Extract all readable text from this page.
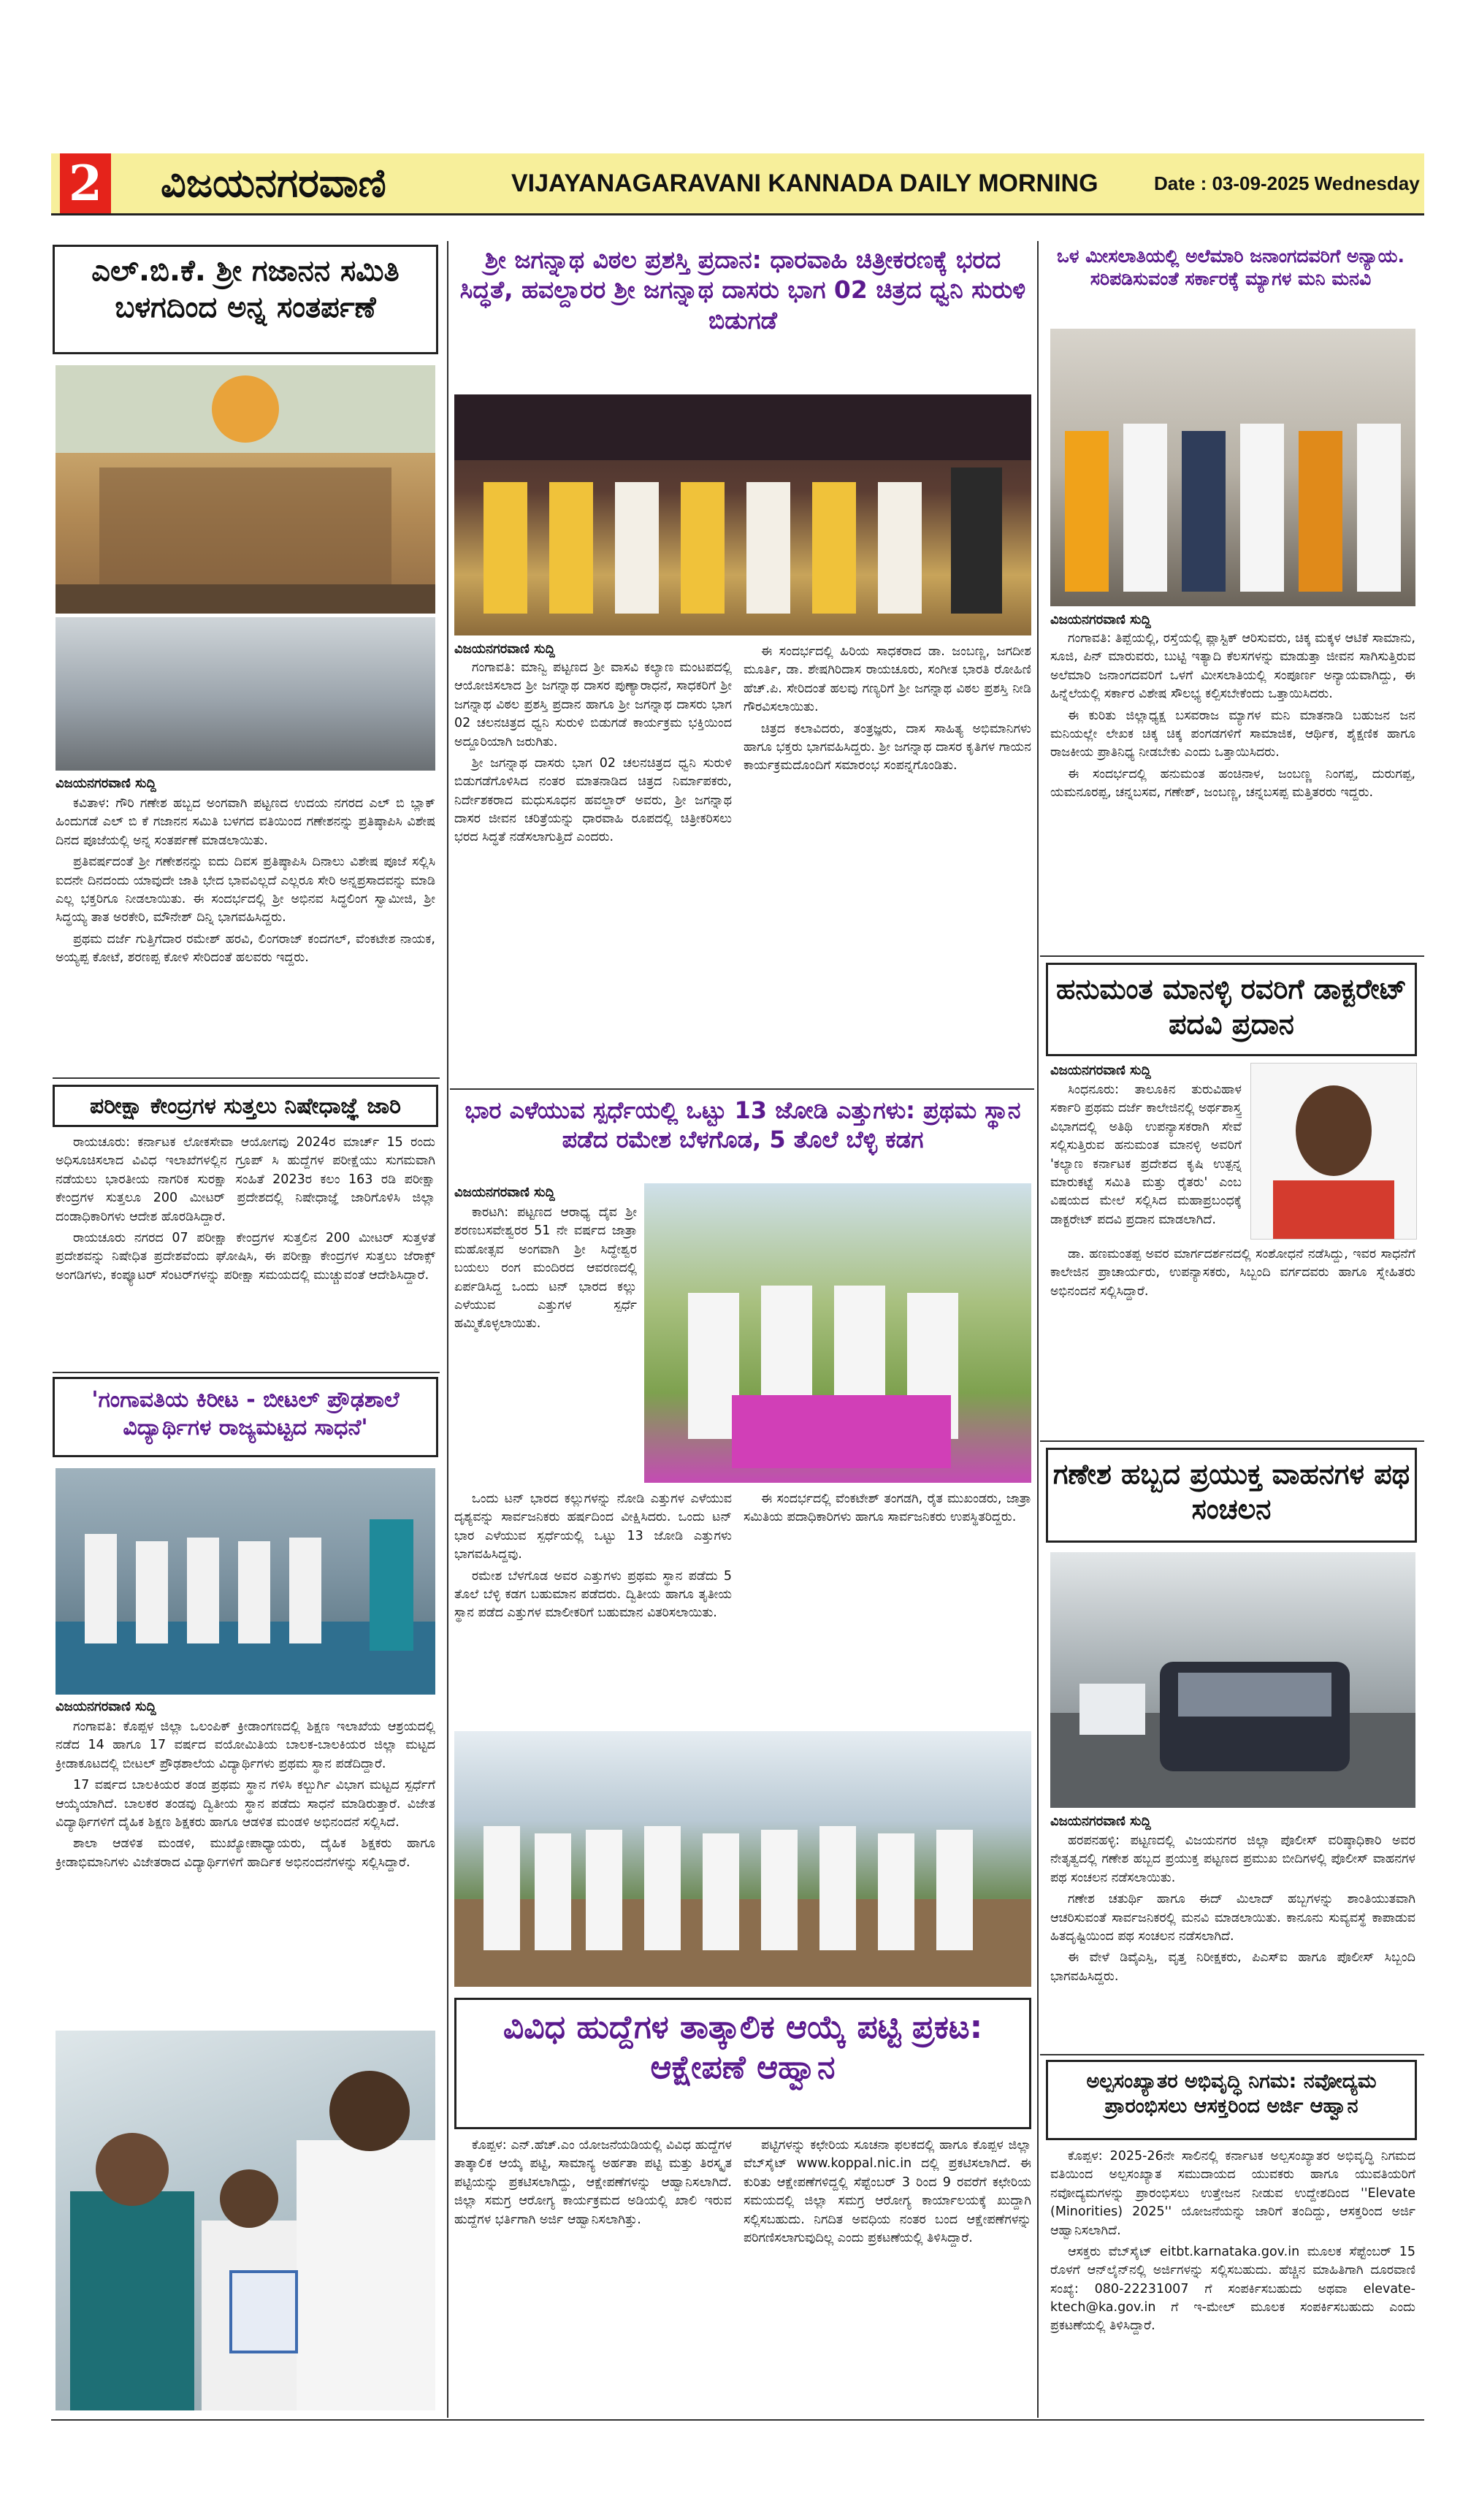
2 ವಿಜಯನಗರವಾಣಿ	VIJAYANAGARAVANI KANNADA DAILY MORNING	Date : 03-09-2025 Wednesday
ಎಲ್.ಬಿ.ಕೆ. ಶ್ರೀ ಗಜಾನನ ಸಮಿತಿ ಬಳಗದಿಂದ ಅನ್ನ ಸಂತರ್ಪಣೆ
ವಿಜಯನಗರವಾಣಿ ಸುದ್ದಿ

ಕವಿತಾಳ: ಗೌರಿ ಗಣೇಶ ಹಬ್ಬದ ಅಂಗವಾಗಿ ಪಟ್ಟಣದ ಉದಯ ನಗರದ ಎಲ್ ಬಿ ಬ್ಲಾಕ್ ಹಿಂದುಗಡೆ ಎಲ್ ಬಿ ಕೆ ಗಜಾನನ ಸಮಿತಿ ಬಳಗದ ವತಿಯಿಂದ ಗಣೇಶನನ್ನು ಪ್ರತಿಷ್ಠಾಪಿಸಿ ವಿಶೇಷ ದಿನದ ಪೂಜೆಯಲ್ಲಿ ಅನ್ನ ಸಂತರ್ಪಣೆ ಮಾಡಲಾಯಿತು.

ಪ್ರತಿವರ್ಷದಂತೆ ಶ್ರೀ ಗಣೇಶನನ್ನು ಐದು ದಿವಸ ಪ್ರತಿಷ್ಠಾಪಿಸಿ ದಿನಾಲು ವಿಶೇಷ ಪೂಜೆ ಸಲ್ಲಿಸಿ ಐದನೇ ದಿನದಂದು ಯಾವುದೇ ಜಾತಿ ಭೇದ ಭಾವವಿಲ್ಲದೆ ಎಲ್ಲರೂ ಸೇರಿ ಅನ್ನಪ್ರಸಾದವನ್ನು ಮಾಡಿ ಎಲ್ಲ ಭಕ್ತರಿಗೂ ನೀಡಲಾಯಿತು. ಈ ಸಂದರ್ಭದಲ್ಲಿ ಶ್ರೀ ಅಭಿನವ ಸಿದ್ಧಲಿಂಗ ಸ್ವಾಮೀಜಿ, ಶ್ರೀ ಸಿದ್ಧಯ್ಯ ತಾತ ಅರಕೇರಿ, ಮೌನೇಶ್ ದಿನ್ನಿ ಭಾಗವಹಿಸಿದ್ದರು.

ಪ್ರಥಮ ದರ್ಜೆ ಗುತ್ತಿಗೆದಾರ ರಮೇಶ್ ಹರವಿ, ಲಿಂಗರಾಜ್ ಕಂದಗಲ್, ವೆಂಕಟೇಶ ನಾಯಕ, ಅಯ್ಯಪ್ಪ ಕೋಟೆ, ಶರಣಪ್ಪ ಕೋಳಿ ಸೇರಿದಂತೆ ಹಲವರು ಇದ್ದರು.

ಪರೀಕ್ಷಾ ಕೇಂದ್ರಗಳ ಸುತ್ತಲು ನಿಷೇಧಾಜ್ಞೆ ಜಾರಿ

ರಾಯಚೂರು: ಕರ್ನಾಟಕ ಲೋಕಸೇವಾ ಆಯೋಗವು 2024ರ ಮಾರ್ಚ್ 15 ರಂದು ಅಧಿಸೂಚಿಸಲಾದ ವಿವಿಧ ಇಲಾಖೆಗಳಲ್ಲಿನ ಗ್ರೂಪ್ ಸಿ ಹುದ್ದೆಗಳ ಪರೀಕ್ಷೆಯು ಸುಗಮವಾಗಿ ನಡೆಯಲು ಭಾರತೀಯ ನಾಗರಿಕ ಸುರಕ್ಷಾ ಸಂಹಿತೆ 2023ರ ಕಲಂ 163 ರಡಿ ಪರೀಕ್ಷಾ ಕೇಂದ್ರಗಳ ಸುತ್ತಲೂ 200 ಮೀಟರ್ ಪ್ರದೇಶದಲ್ಲಿ ನಿಷೇಧಾಜ್ಞೆ ಜಾರಿಗೊಳಿಸಿ ಜಿಲ್ಲಾ ದಂಡಾಧಿಕಾರಿಗಳು ಆದೇಶ ಹೊರಡಿಸಿದ್ದಾರೆ.

ರಾಯಚೂರು ನಗರದ 07 ಪರೀಕ್ಷಾ ಕೇಂದ್ರಗಳ ಸುತ್ತಲಿನ 200 ಮೀಟರ್ ಸುತ್ತಳತೆ ಪ್ರದೇಶವನ್ನು ನಿಷೇಧಿತ ಪ್ರದೇಶವೆಂದು ಘೋಷಿಸಿ, ಈ ಪರೀಕ್ಷಾ ಕೇಂದ್ರಗಳ ಸುತ್ತಲು ಜೆರಾಕ್ಸ್ ಅಂಗಡಿಗಳು, ಕಂಪ್ಯೂಟರ್ ಸೆಂಟರ್‌ಗಳನ್ನು ಪರೀಕ್ಷಾ ಸಮಯದಲ್ಲಿ ಮುಚ್ಚುವಂತೆ ಆದೇಶಿಸಿದ್ದಾರೆ.

'ಗಂಗಾವತಿಯ ಕಿರೀಟ - ಬೀಟಲ್ ಪ್ರೌಢಶಾಲೆ ವಿದ್ಯಾರ್ಥಿಗಳ ರಾಜ್ಯಮಟ್ಟದ ಸಾಧನೆ'
ವಿಜಯನಗರವಾಣಿ ಸುದ್ದಿ

ಗಂಗಾವತಿ: ಕೊಪ್ಪಳ ಜಿಲ್ಲಾ ಒಲಂಪಿಕ್ ಕ್ರೀಡಾಂಗಣದಲ್ಲಿ ಶಿಕ್ಷಣ ಇಲಾಖೆಯ ಆಶ್ರಯದಲ್ಲಿ ನಡೆದ 14 ಹಾಗೂ 17 ವರ್ಷದ ವಯೋಮಿತಿಯ ಬಾಲಕ-ಬಾಲಕಿಯರ ಜಿಲ್ಲಾ ಮಟ್ಟದ ಕ್ರೀಡಾಕೂಟದಲ್ಲಿ ಬೀಟಲ್ ಪ್ರೌಢಶಾಲೆಯ ವಿದ್ಯಾರ್ಥಿಗಳು ಪ್ರಥಮ ಸ್ಥಾನ ಪಡೆದಿದ್ದಾರೆ.

17 ವರ್ಷದ ಬಾಲಕಿಯರ ತಂಡ ಪ್ರಥಮ ಸ್ಥಾನ ಗಳಿಸಿ ಕಲ್ಬುರ್ಗಿ ವಿಭಾಗ ಮಟ್ಟದ ಸ್ಪರ್ಧೆಗೆ ಆಯ್ಕೆಯಾಗಿದೆ. ಬಾಲಕರ ತಂಡವು ದ್ವಿತೀಯ ಸ್ಥಾನ ಪಡೆದು ಸಾಧನೆ ಮಾಡಿರುತ್ತಾರೆ. ವಿಜೇತ ವಿದ್ಯಾರ್ಥಿಗಳಿಗೆ ದೈಹಿಕ ಶಿಕ್ಷಣ ಶಿಕ್ಷಕರು ಹಾಗೂ ಆಡಳಿತ ಮಂಡಳಿ ಅಭಿನಂದನೆ ಸಲ್ಲಿಸಿದೆ.

ಶಾಲಾ ಆಡಳಿತ ಮಂಡಳಿ, ಮುಖ್ಯೋಪಾಧ್ಯಾಯರು, ದೈಹಿಕ ಶಿಕ್ಷಕರು ಹಾಗೂ ಕ್ರೀಡಾಭಿಮಾನಿಗಳು ವಿಜೇತರಾದ ವಿದ್ಯಾರ್ಥಿಗಳಿಗೆ ಹಾರ್ದಿಕ ಅಭಿನಂದನೆಗಳನ್ನು ಸಲ್ಲಿಸಿದ್ದಾರೆ.

ಶ್ರೀ ಜಗನ್ನಾಥ ವಿಠಲ ಪ್ರಶಸ್ತಿ ಪ್ರದಾನ: ಧಾರವಾಹಿ ಚಿತ್ರೀಕರಣಕ್ಕೆ ಭರದ ಸಿದ್ಧತೆ, ಹವಲ್ದಾರರ ಶ್ರೀ ಜಗನ್ನಾಥ ದಾಸರು ಭಾಗ 02 ಚಿತ್ರದ ಧ್ವನಿ ಸುರುಳಿ ಬಿಡುಗಡೆ
ವಿಜಯನಗರವಾಣಿ ಸುದ್ದಿ

ಗಂಗಾವತಿ: ಮಾನ್ವಿ ಪಟ್ಟಣದ ಶ್ರೀ ವಾಸವಿ ಕಲ್ಯಾಣ ಮಂಟಪದಲ್ಲಿ ಆಯೋಜಿಸಲಾದ ಶ್ರೀ ಜಗನ್ನಾಥ ದಾಸರ ಪುಣ್ಯಾರಾಧನೆ, ಸಾಧಕರಿಗೆ ಶ್ರೀ ಜಗನ್ನಾಥ ವಿಠಲ ಪ್ರಶಸ್ತಿ ಪ್ರದಾನ ಹಾಗೂ ಶ್ರೀ ಜಗನ್ನಾಥ ದಾಸರು ಭಾಗ 02 ಚಲನಚಿತ್ರದ ಧ್ವನಿ ಸುರುಳಿ ಬಿಡುಗಡೆ ಕಾರ್ಯಕ್ರಮ ಭಕ್ತಿಯಿಂದ ಅದ್ದೂರಿಯಾಗಿ ಜರುಗಿತು.

ಶ್ರೀ ಜಗನ್ನಾಥ ದಾಸರು ಭಾಗ 02 ಚಲನಚಿತ್ರದ ಧ್ವನಿ ಸುರುಳಿ ಬಿಡುಗಡೆಗೊಳಿಸಿದ ನಂತರ ಮಾತನಾಡಿದ ಚಿತ್ರದ ನಿರ್ಮಾಪಕರು, ನಿರ್ದೇಶಕರಾದ ಮಧುಸೂಧನ ಹವಲ್ದಾರ್ ಅವರು, ಶ್ರೀ ಜಗನ್ನಾಥ ದಾಸರ ಜೀವನ ಚರಿತ್ರೆಯನ್ನು ಧಾರವಾಹಿ ರೂಪದಲ್ಲಿ ಚಿತ್ರೀಕರಿಸಲು ಭರದ ಸಿದ್ಧತೆ ನಡೆಸಲಾಗುತ್ತಿದೆ ಎಂದರು.

ಈ ಸಂದರ್ಭದಲ್ಲಿ ಹಿರಿಯ ಸಾಧಕರಾದ ಡಾ. ಜಂಬಣ್ಣ, ಜಗದೀಶ ಮೂರ್ತಿ, ಡಾ. ಶೇಷಗಿರಿದಾಸ ರಾಯಚೂರು, ಸಂಗೀತ ಭಾರತಿ ರೋಹಿಣಿ ಹೆಚ್.ಪಿ. ಸೇರಿದಂತೆ ಹಲವು ಗಣ್ಯರಿಗೆ ಶ್ರೀ ಜಗನ್ನಾಥ ವಿಠಲ ಪ್ರಶಸ್ತಿ ನೀಡಿ ಗೌರವಿಸಲಾಯಿತು.

ಚಿತ್ರದ ಕಲಾವಿದರು, ತಂತ್ರಜ್ಞರು, ದಾಸ ಸಾಹಿತ್ಯ ಅಭಿಮಾನಿಗಳು ಹಾಗೂ ಭಕ್ತರು ಭಾಗವಹಿಸಿದ್ದರು. ಶ್ರೀ ಜಗನ್ನಾಥ ದಾಸರ ಕೃತಿಗಳ ಗಾಯನ ಕಾರ್ಯಕ್ರಮದೊಂದಿಗೆ ಸಮಾರಂಭ ಸಂಪನ್ನಗೊಂಡಿತು.

ಭಾರ ಎಳೆಯುವ ಸ್ಪರ್ಧೆಯಲ್ಲಿ ಒಟ್ಟು 13 ಜೋಡಿ ಎತ್ತುಗಳು: ಪ್ರಥಮ ಸ್ಥಾನ ಪಡೆದ ರಮೇಶ ಬೆಳಗೊಡ, 5 ತೊಲೆ ಬೆಳ್ಳಿ ಕಡಗ
ವಿಜಯನಗರವಾಣಿ ಸುದ್ದಿ

ಕಾರಟಗಿ: ಪಟ್ಟಣದ ಆರಾಧ್ಯ ದೈವ ಶ್ರೀ ಶರಣಬಸವೇಶ್ವರರ 51 ನೇ ವರ್ಷದ ಜಾತ್ರಾ ಮಹೋತ್ಸವ ಅಂಗವಾಗಿ ಶ್ರೀ ಸಿದ್ಧೇಶ್ವರ ಬಯಲು ರಂಗ ಮಂದಿರದ ಆವರಣದಲ್ಲಿ ಏರ್ಪಡಿಸಿದ್ದ ಒಂದು ಟನ್ ಭಾರದ ಕಲ್ಲು ಎಳೆಯುವ ಎತ್ತುಗಳ ಸ್ಪರ್ಧೆ ಹಮ್ಮಿಕೊಳ್ಳಲಾಯಿತು.

ಒಂದು ಟನ್ ಭಾರದ ಕಲ್ಲುಗಳನ್ನು ನೋಡಿ ಎತ್ತುಗಳ ಎಳೆಯುವ ದೃಶ್ಯವನ್ನು ಸಾರ್ವಜನಿಕರು ಹರ್ಷದಿಂದ ವೀಕ್ಷಿಸಿದರು. ಒಂದು ಟನ್ ಭಾರ ಎಳೆಯುವ ಸ್ಪರ್ಧೆಯಲ್ಲಿ ಒಟ್ಟು 13 ಜೋಡಿ ಎತ್ತುಗಳು ಭಾಗವಹಿಸಿದ್ದವು.

ರಮೇಶ ಬೆಳಗೊಡ ಅವರ ಎತ್ತುಗಳು ಪ್ರಥಮ ಸ್ಥಾನ ಪಡೆದು 5 ತೊಲೆ ಬೆಳ್ಳಿ ಕಡಗ ಬಹುಮಾನ ಪಡೆದರು. ದ್ವಿತೀಯ ಹಾಗೂ ತೃತೀಯ ಸ್ಥಾನ ಪಡೆದ ಎತ್ತುಗಳ ಮಾಲೀಕರಿಗೆ ಬಹುಮಾನ ವಿತರಿಸಲಾಯಿತು.

ಈ ಸಂದರ್ಭದಲ್ಲಿ ವೆಂಕಟೇಶ್ ತಂಗಡಗಿ, ರೈತ ಮುಖಂಡರು, ಜಾತ್ರಾ ಸಮಿತಿಯ ಪದಾಧಿಕಾರಿಗಳು ಹಾಗೂ ಸಾರ್ವಜನಿಕರು ಉಪಸ್ಥಿತರಿದ್ದರು.

ವಿವಿಧ ಹುದ್ದೆಗಳ ತಾತ್ಕಾಲಿಕ ಆಯ್ಕೆ ಪಟ್ಟಿ ಪ್ರಕಟ: ಆಕ್ಷೇಪಣೆ ಆಹ್ವಾನ

ಕೊಪ್ಪಳ: ಎನ್.ಹೆಚ್.ಎಂ ಯೋಜನೆಯಡಿಯಲ್ಲಿ ವಿವಿಧ ಹುದ್ದೆಗಳ ತಾತ್ಕಾಲಿಕ ಆಯ್ಕೆ ಪಟ್ಟಿ, ಸಾಮಾನ್ಯ ಅರ್ಹತಾ ಪಟ್ಟಿ ಮತ್ತು ತಿರಸ್ಕೃತ ಪಟ್ಟಿಯನ್ನು ಪ್ರಕಟಿಸಲಾಗಿದ್ದು, ಆಕ್ಷೇಪಣೆಗಳನ್ನು ಆಹ್ವಾನಿಸಲಾಗಿದೆ. ಜಿಲ್ಲಾ ಸಮಗ್ರ ಆರೋಗ್ಯ ಕಾರ್ಯಕ್ರಮದ ಅಡಿಯಲ್ಲಿ ಖಾಲಿ ಇರುವ ಹುದ್ದೆಗಳ ಭರ್ತಿಗಾಗಿ ಅರ್ಜಿ ಆಹ್ವಾನಿಸಲಾಗಿತ್ತು.

ಪಟ್ಟಿಗಳನ್ನು ಕಛೇರಿಯ ಸೂಚನಾ ಫಲಕದಲ್ಲಿ ಹಾಗೂ ಕೊಪ್ಪಳ ಜಿಲ್ಲಾ ವೆಬ್‌ಸೈಟ್ www.koppal.nic.in ದಲ್ಲಿ ಪ್ರಕಟಿಸಲಾಗಿದೆ. ಈ ಕುರಿತು ಆಕ್ಷೇಪಣೆಗಳಿದ್ದಲ್ಲಿ ಸೆಪ್ಟೆಂಬರ್ 3 ರಿಂದ 9 ರವರೆಗೆ ಕಛೇರಿಯ ಸಮಯದಲ್ಲಿ ಜಿಲ್ಲಾ ಸಮಗ್ರ ಆರೋಗ್ಯ ಕಾರ್ಯಾಲಯಕ್ಕೆ ಖುದ್ದಾಗಿ ಸಲ್ಲಿಸಬಹುದು. ನಿಗದಿತ ಅವಧಿಯ ನಂತರ ಬಂದ ಆಕ್ಷೇಪಣೆಗಳನ್ನು ಪರಿಗಣಿಸಲಾಗುವುದಿಲ್ಲ ಎಂದು ಪ್ರಕಟಣೆಯಲ್ಲಿ ತಿಳಿಸಿದ್ದಾರೆ.

ಒಳ ಮೀಸಲಾತಿಯಲ್ಲಿ ಅಲೆಮಾರಿ ಜನಾಂಗದವರಿಗೆ ಅನ್ಯಾಯ. ಸರಿಪಡಿಸುವಂತೆ ಸರ್ಕಾರಕ್ಕೆ ಮ್ಯಾಗಳ ಮನಿ ಮನವಿ
ವಿಜಯನಗರವಾಣಿ ಸುದ್ದಿ

ಗಂಗಾವತಿ: ತಿಪ್ಪೆಯಲ್ಲಿ, ರಸ್ತೆಯಲ್ಲಿ ಪ್ಲಾಸ್ಟಿಕ್ ಆರಿಸುವರು, ಚಿಕ್ಕ ಮಕ್ಕಳ ಆಟಿಕೆ ಸಾಮಾನು, ಸೂಜಿ, ಪಿನ್ ಮಾರುವರು, ಬುಟ್ಟಿ ಇತ್ಯಾದಿ ಕೆಲಸಗಳನ್ನು ಮಾಡುತ್ತಾ ಜೀವನ ಸಾಗಿಸುತ್ತಿರುವ ಅಲೆಮಾರಿ ಜನಾಂಗದವರಿಗೆ ಒಳಗೆ ಮೀಸಲಾತಿಯಲ್ಲಿ ಸಂಪೂರ್ಣ ಅನ್ಯಾಯವಾಗಿದ್ದು, ಈ ಹಿನ್ನೆಲೆಯಲ್ಲಿ ಸರ್ಕಾರ ವಿಶೇಷ ಸೌಲಭ್ಯ ಕಲ್ಪಿಸಬೇಕೆಂದು ಒತ್ತಾಯಿಸಿದರು.

ಈ ಕುರಿತು ಜಿಲ್ಲಾಧ್ಯಕ್ಷ ಬಸವರಾಜ ಮ್ಯಾಗಳ ಮನಿ ಮಾತನಾಡಿ ಬಹುಜನ ಜನ ಮನಿಯಲ್ಲೇ ಲೇಖಕ ಚಿಕ್ಕ ಚಿಕ್ಕ ಪಂಗಡಗಳಿಗೆ ಸಾಮಾಜಿಕ, ಆರ್ಥಿಕ, ಶೈಕ್ಷಣಿಕ ಹಾಗೂ ರಾಜಕೀಯ ಪ್ರಾತಿನಿಧ್ಯ ನೀಡಬೇಕು ಎಂದು ಒತ್ತಾಯಿಸಿದರು.

ಈ ಸಂದರ್ಭದಲ್ಲಿ ಹನುಮಂತ ಹಂಚಿನಾಳ, ಜಂಬಣ್ಣ ನಿಂಗಪ್ಪ, ದುರುಗಪ್ಪ, ಯಮನೂರಪ್ಪ, ಚನ್ನಬಸವ, ಗಣೇಶ್, ಜಂಬಣ್ಣ, ಚನ್ನಬಸಪ್ಪ ಮತ್ತಿತರರು ಇದ್ದರು.

ಹನುಮಂತ ಮಾನಳ್ಳಿ ರವರಿಗೆ ಡಾಕ್ಟರೇಟ್ ಪದವಿ ಪ್ರದಾನ
ವಿಜಯನಗರವಾಣಿ ಸುದ್ದಿ

ಸಿಂಧನೂರು: ತಾಲೂಕಿನ ತುರುವಿಹಾಳ ಸರ್ಕಾರಿ ಪ್ರಥಮ ದರ್ಜೆ ಕಾಲೇಜಿನಲ್ಲಿ ಅರ್ಥಶಾಸ್ತ್ರ ವಿಭಾಗದಲ್ಲಿ ಅತಿಥಿ ಉಪನ್ಯಾಸಕರಾಗಿ ಸೇವೆ ಸಲ್ಲಿಸುತ್ತಿರುವ ಹನುಮಂತ ಮಾನಳ್ಳಿ ಅವರಿಗೆ 'ಕಲ್ಯಾಣ ಕರ್ನಾಟಕ ಪ್ರದೇಶದ ಕೃಷಿ ಉತ್ಪನ್ನ ಮಾರುಕಟ್ಟೆ ಸಮಿತಿ ಮತ್ತು ರೈತರು' ಎಂಬ ವಿಷಯದ ಮೇಲೆ ಸಲ್ಲಿಸಿದ ಮಹಾಪ್ರಬಂಧಕ್ಕೆ ಡಾಕ್ಟರೇಟ್ ಪದವಿ ಪ್ರದಾನ ಮಾಡಲಾಗಿದೆ.

ಡಾ. ಹಣಮಂತಪ್ಪ ಅವರ ಮಾರ್ಗದರ್ಶನದಲ್ಲಿ ಸಂಶೋಧನೆ ನಡೆಸಿದ್ದು, ಇವರ ಸಾಧನೆಗೆ ಕಾಲೇಜಿನ ಪ್ರಾಚಾರ್ಯರು, ಉಪನ್ಯಾಸಕರು, ಸಿಬ್ಬಂದಿ ವರ್ಗದವರು ಹಾಗೂ ಸ್ನೇಹಿತರು ಅಭಿನಂದನೆ ಸಲ್ಲಿಸಿದ್ದಾರೆ.

ಗಣೇಶ ಹಬ್ಬದ ಪ್ರಯುಕ್ತ ವಾಹನಗಳ ಪಥ ಸಂಚಲನ
ವಿಜಯನಗರವಾಣಿ ಸುದ್ದಿ

ಹರಪನಹಳ್ಳಿ: ಪಟ್ಟಣದಲ್ಲಿ ವಿಜಯನಗರ ಜಿಲ್ಲಾ ಪೊಲೀಸ್ ವರಿಷ್ಠಾಧಿಕಾರಿ ಅವರ ನೇತೃತ್ವದಲ್ಲಿ ಗಣೇಶ ಹಬ್ಬದ ಪ್ರಯುಕ್ತ ಪಟ್ಟಣದ ಪ್ರಮುಖ ಬೀದಿಗಳಲ್ಲಿ ಪೊಲೀಸ್ ವಾಹನಗಳ ಪಥ ಸಂಚಲನ ನಡೆಸಲಾಯಿತು.

ಗಣೇಶ ಚತುರ್ಥಿ ಹಾಗೂ ಈದ್ ಮಿಲಾದ್ ಹಬ್ಬಗಳನ್ನು ಶಾಂತಿಯುತವಾಗಿ ಆಚರಿಸುವಂತೆ ಸಾರ್ವಜನಿಕರಲ್ಲಿ ಮನವಿ ಮಾಡಲಾಯಿತು. ಕಾನೂನು ಸುವ್ಯವಸ್ಥೆ ಕಾಪಾಡುವ ಹಿತದೃಷ್ಟಿಯಿಂದ ಪಥ ಸಂಚಲನ ನಡೆಸಲಾಗಿದೆ.

ಈ ವೇಳೆ ಡಿವೈಎಸ್ಪಿ, ವೃತ್ತ ನಿರೀಕ್ಷಕರು, ಪಿಎಸ್ಐ ಹಾಗೂ ಪೊಲೀಸ್ ಸಿಬ್ಬಂದಿ ಭಾಗವಹಿಸಿದ್ದರು.

ಅಲ್ಪಸಂಖ್ಯಾತರ ಅಭಿವೃದ್ಧಿ ನಿಗಮ: ನವೋದ್ಯಮ ಪ್ರಾರಂಭಿಸಲು ಆಸಕ್ತರಿಂದ ಅರ್ಜಿ ಆಹ್ವಾನ

ಕೊಪ್ಪಳ: 2025-26ನೇ ಸಾಲಿನಲ್ಲಿ ಕರ್ನಾಟಕ ಅಲ್ಪಸಂಖ್ಯಾತರ ಅಭಿವೃದ್ಧಿ ನಿಗಮದ ವತಿಯಿಂದ ಅಲ್ಪಸಂಖ್ಯಾತ ಸಮುದಾಯದ ಯುವಕರು ಹಾಗೂ ಯುವತಿಯರಿಗೆ ನವೋದ್ಯಮಗಳನ್ನು ಪ್ರಾರಂಭಿಸಲು ಉತ್ತೇಜನ ನೀಡುವ ಉದ್ದೇಶದಿಂದ ''Elevate (Minorities) 2025'' ಯೋಜನೆಯನ್ನು ಜಾರಿಗೆ ತಂದಿದ್ದು, ಆಸಕ್ತರಿಂದ ಅರ್ಜಿ ಆಹ್ವಾನಿಸಲಾಗಿದೆ.

ಆಸಕ್ತರು ವೆಬ್‌ಸೈಟ್ eitbt.karnataka.gov.in ಮೂಲಕ ಸೆಪ್ಟೆಂಬರ್ 15 ರೊಳಗೆ ಆನ್‌ಲೈನ್‌ನಲ್ಲಿ ಅರ್ಜಿಗಳನ್ನು ಸಲ್ಲಿಸಬಹುದು. ಹೆಚ್ಚಿನ ಮಾಹಿತಿಗಾಗಿ ದೂರವಾಣಿ ಸಂಖ್ಯೆ: 080-22231007 ಗೆ ಸಂಪರ್ಕಿಸಬಹುದು ಅಥವಾ elevate-ktech@ka.gov.in ಗೆ ಇ-ಮೇಲ್ ಮೂಲಕ ಸಂಪರ್ಕಿಸಬಹುದು ಎಂದು ಪ್ರಕಟಣೆಯಲ್ಲಿ ತಿಳಿಸಿದ್ದಾರೆ.
